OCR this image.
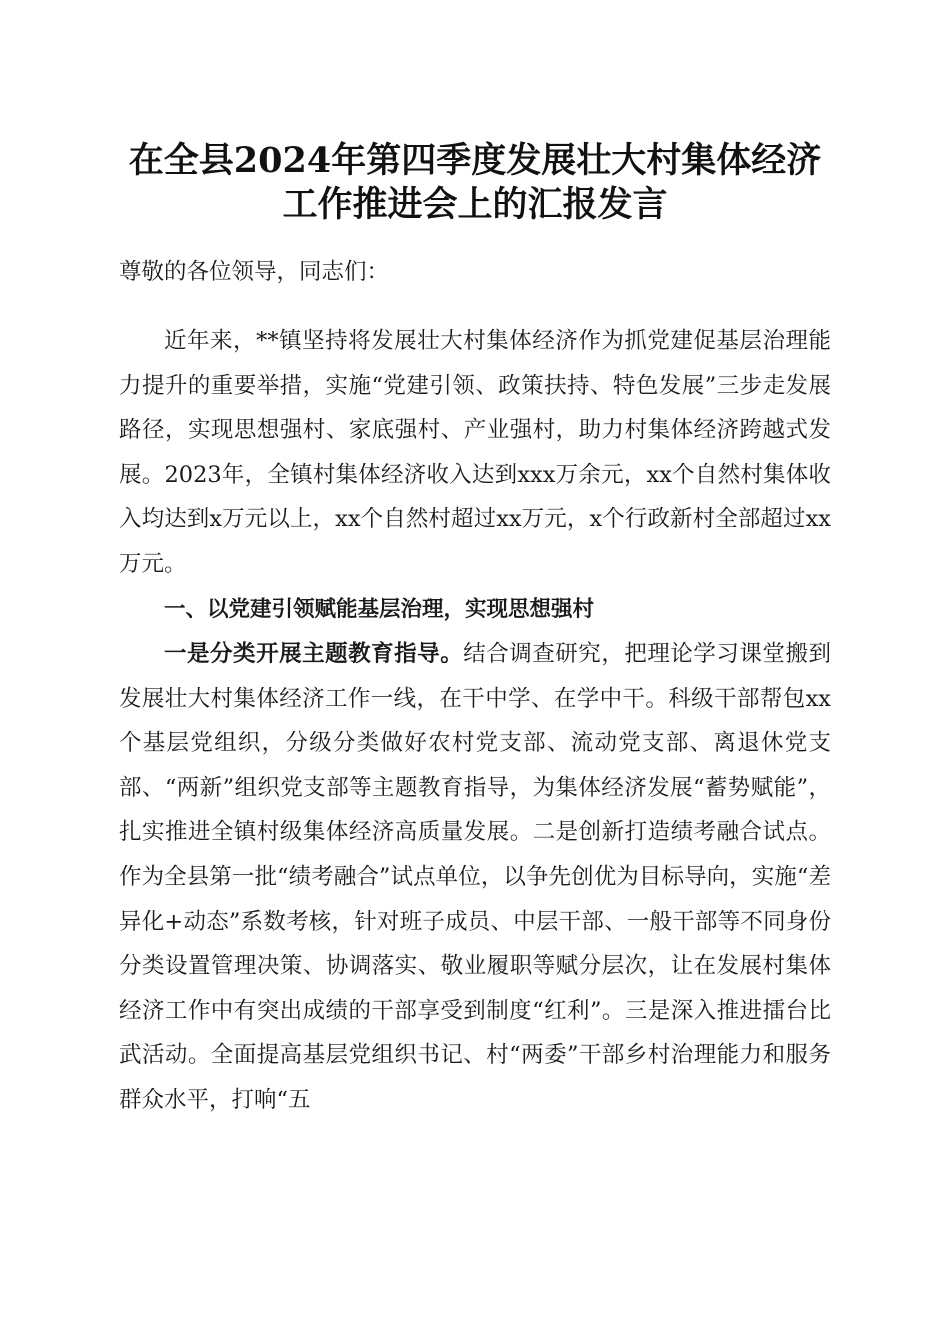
在全县2024年第四季度发展壮大村集体经济
工作推进会上的汇报发言
尊敬的各位领导，同志们：
近年来，**镇坚持将发展壮大村集体经济作为抓党建促基层治理能力提升的重要举措，实施“党建引领、政策扶持、特色发展”三步走发展路径，实现思想强村、家底强村、产业强村，助力村集体经济跨越式发展。2023年，全镇村集体经济收入达到xxx万余元，xx个自然村集体收入均达到x万元以上，xx个自然村超过xx万元，x个行政新村全部超过xx万元。
一、以党建引领赋能基层治理，实现思想强村
一是分类开展主题教育指导。结合调查研究，把理论学习课堂搬到发展壮大村集体经济工作一线，在干中学、在学中干。科级干部帮包xx个基层党组织，分级分类做好农村党支部、流动党支部、离退休党支部、“两新”组织党支部等主题教育指导，为集体经济发展“蓄势赋能”，扎实推进全镇村级集体经济高质量发展。二是创新打造绩考融合试点。作为全县第一批“绩考融合”试点单位，以争先创优为目标导向，实施“差异化+动态”系数考核，针对班子成员、中层干部、一般干部等不同身份分类设置管理决策、协调落实、敬业履职等赋分层次，让在发展村集体经济工作中有突出成绩的干部享受到制度“红利”。三是深入推进擂台比武活动。全面提高基层党组织书记、村“两委”干部乡村治理能力和服务群众水平，打响“五
